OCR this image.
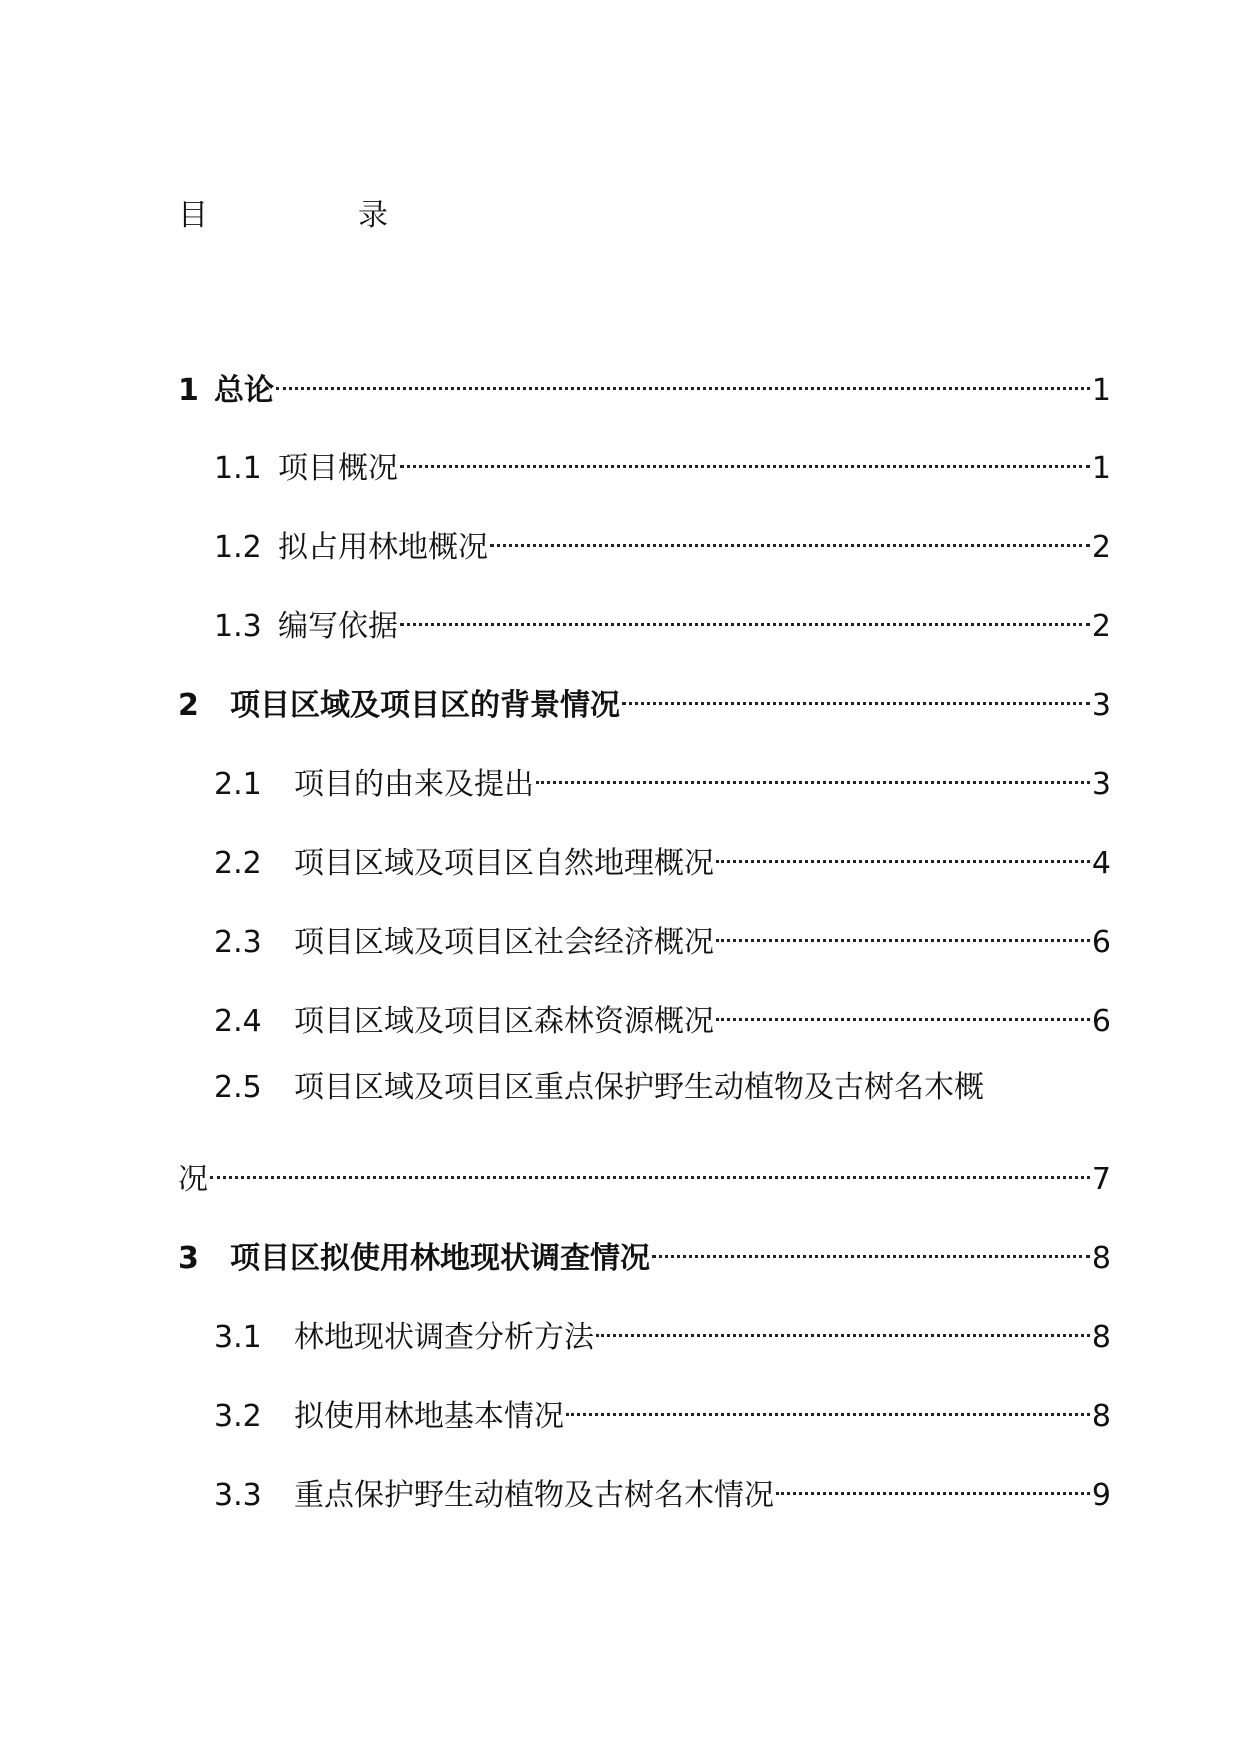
目	录
1 总论	1
1.1 项目概况	1
1.2 拟占用林地概况	2
1.3 编写依据	2
2	项目区域及项目区的背景情况	3
2.1	项目的由来及提出	3
2.2	项目区域及项目区自然地理概况	4
2.3	项目区域及项目区社会经济概况	6
2.4	项目区域及项目区森林资源概况	6
2.5	项目区域及项目区重点保护野生动植物及古树名木概
况	7
3	项目区拟使用林地现状调查情况	8
3.1	林地现状调查分析方法	8
3.2	拟使用林地基本情况	8
3.3	重点保护野生动植物及古树名木情况	9
